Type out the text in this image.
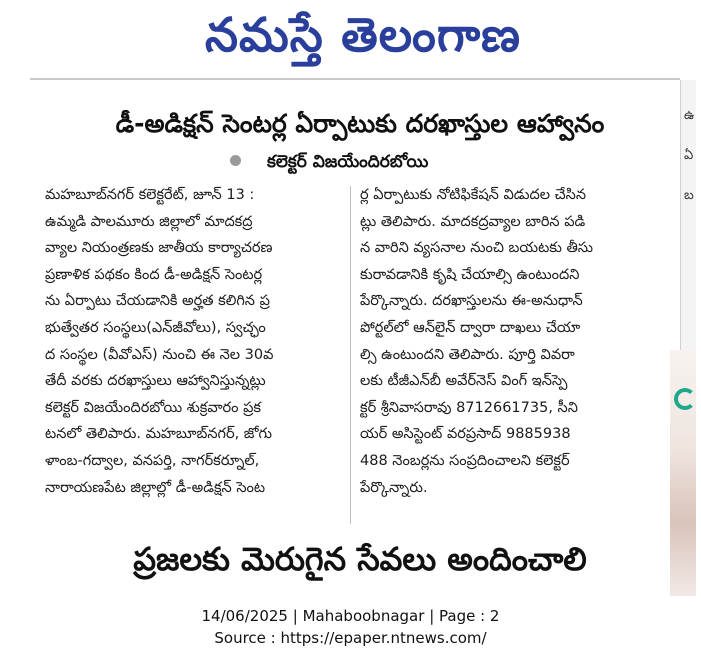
నమస్తే తెలంగాణ
డీ-అడిక్షన్ సెంటర్ల ఏర్పాటుకు దరఖాస్తుల ఆహ్వానం
కలెక్టర్ విజయేందిరబోయి
మహబూబ్‌నగర్ కలెక్టరేట్, జూన్ 13 :
ఉమ్మడి పాలమూరు జిల్లాలో మాదకద్ర
వ్యాల నియంత్రణకు జాతీయ కార్యాచరణ
ప్రణాళిక పథకం కింద డీ-అడిక్షన్ సెంటర్ల
ను ఏర్పాటు చేయడానికి అర్హత కలిగిన ప్ర
భుత్వేతర సంస్థలు(ఎన్‌జీవోలు), స్వచ్ఛం
ద సంస్థల (వీవోఎస్) నుంచి ఈ నెల 30వ
తేదీ వరకు దరఖాస్తులు ఆహ్వానిస్తున్నట్లు
కలెక్టర్ విజయేందిరబోయి శుక్రవారం ప్రక
టనలో తెలిపారు. మహబూబ్‌నగర్, జోగు
ళాంబ-గద్వాల, వనపర్తి, నాగర్‌కర్నూల్,
నారాయణపేట జిల్లాల్లో డీ-అడిక్షన్ సెంట
ర్ల ఏర్పాటుకు నోటిఫికేషన్ విడుదల చేసిన
ట్లు తెలిపారు. మాదకద్రవ్యాల బారిన పడి
న వారిని వ్యసనాల నుంచి బయటకు తీసు
కురావడానికి కృషి చేయాల్సి ఉంటుందని
పేర్కొన్నారు. దరఖాస్తులను ఈ-అనుధాన్
పోర్టల్‌లో ఆన్‌లైన్ ద్వారా దాఖలు చేయా
ల్సి ఉంటుందని తెలిపారు. పూర్తి వివరా
లకు టీజీఎన్‌బీ అవేర్‌నెస్ వింగ్ ఇన్‌స్పె
క్టర్ శ్రీనివాసరావు 8712661735, సీని
యర్ అసిస్టెంట్ వరప్రసాద్ 9885938
488 నెంబర్లను సంప్రదించాలని కలెక్టర్
పేర్కొన్నారు.
ప్రజలకు మెరుగైన సేవలు అందించాలి
ఉ
ఏ
బ
14/06/2025 | Mahaboobnagar | Page : 2
Source : https://epaper.ntnews.com/
